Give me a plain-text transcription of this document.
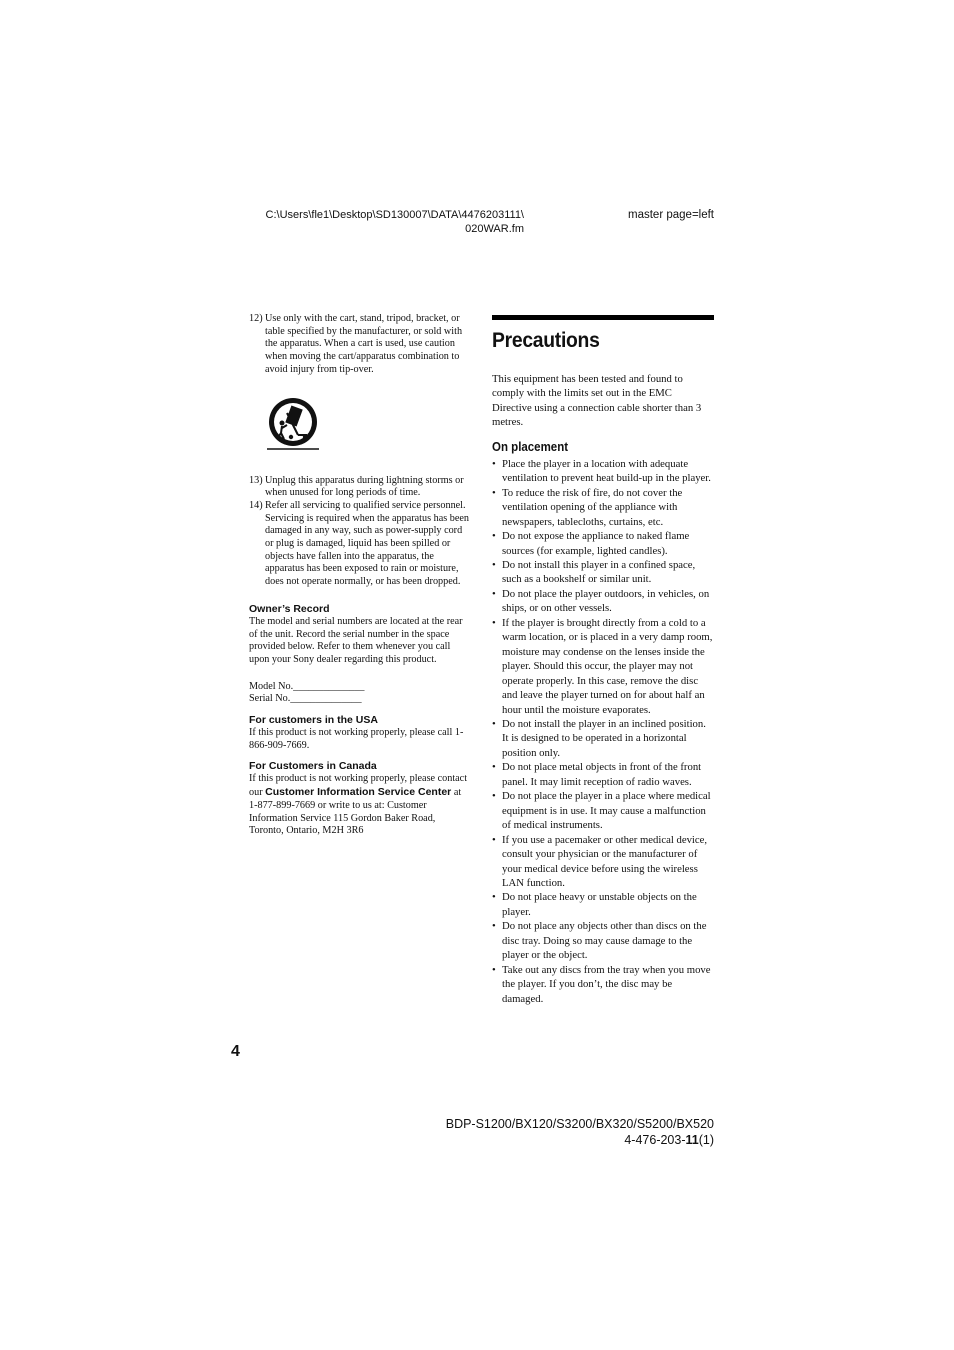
C:\Users\fle1\Desktop\SD130007\DATA\4476203111\
020WAR.fm
master page=left
12) Use only with the cart, stand, tripod, bracket, or table specified by the manufacturer, or sold with the apparatus. When a cart is used, use caution when moving the cart/apparatus combination to avoid injury from tip-over.
13) Unplug this apparatus during lightning storms or when unused for long periods of time.
14) Refer all servicing to qualified service personnel. Servicing is required when the apparatus has been damaged in any way, such as power-supply cord or plug is damaged, liquid has been spilled or objects have fallen into the apparatus, the apparatus has been exposed to rain or moisture, does not operate normally, or has been dropped.
Owner’s Record

The model and serial numbers are located at the rear of the unit. Record the serial number in the space provided below. Refer to them whenever you call upon your Sony dealer regarding this product.

Model No.______________

Serial No.______________

For customers in the USA

If this product is not working properly, please call 1-866-909-7669.

For Customers in Canada

If this product is not working properly, please contact our Customer Information Service Center at 1-877-899-7669 or write to us at: Customer Information Service 115 Gordon Baker Road, Toronto, Ontario, M2H 3R6

Precautions

This equipment has been tested and found to comply with the limits set out in the EMC Directive using a connection cable shorter than 3 metres.

On placement
• Place the player in a location with adequate ventilation to prevent heat build-up in the player.
• To reduce the risk of fire, do not cover the ventilation opening of the appliance with newspapers, tablecloths, curtains, etc.
• Do not expose the appliance to naked flame sources (for example, lighted candles).
• Do not install this player in a confined space, such as a bookshelf or similar unit.
• Do not place the player outdoors, in vehicles, on ships, or on other vessels.
• If the player is brought directly from a cold to a warm location, or is placed in a very damp room, moisture may condense on the lenses inside the player. Should this occur, the player may not operate properly. In this case, remove the disc and leave the player turned on for about half an hour until the moisture evaporates.
• Do not install the player in an inclined position. It is designed to be operated in a horizontal position only.
• Do not place metal objects in front of the front panel. It may limit reception of radio waves.
• Do not place the player in a place where medical equipment is in use. It may cause a malfunction of medical instruments.
• If you use a pacemaker or other medical device, consult your physician or the manufacturer of your medical device before using the wireless LAN function.
• Do not place heavy or unstable objects on the player.
• Do not place any objects other than discs on the disc tray. Doing so may cause damage to the player or the object.
• Take out any discs from the tray when you move the player. If you don’t, the disc may be damaged.
4
BDP-S1200/BX120/S3200/BX320/S5200/BX520
4-476-203-11(1)
